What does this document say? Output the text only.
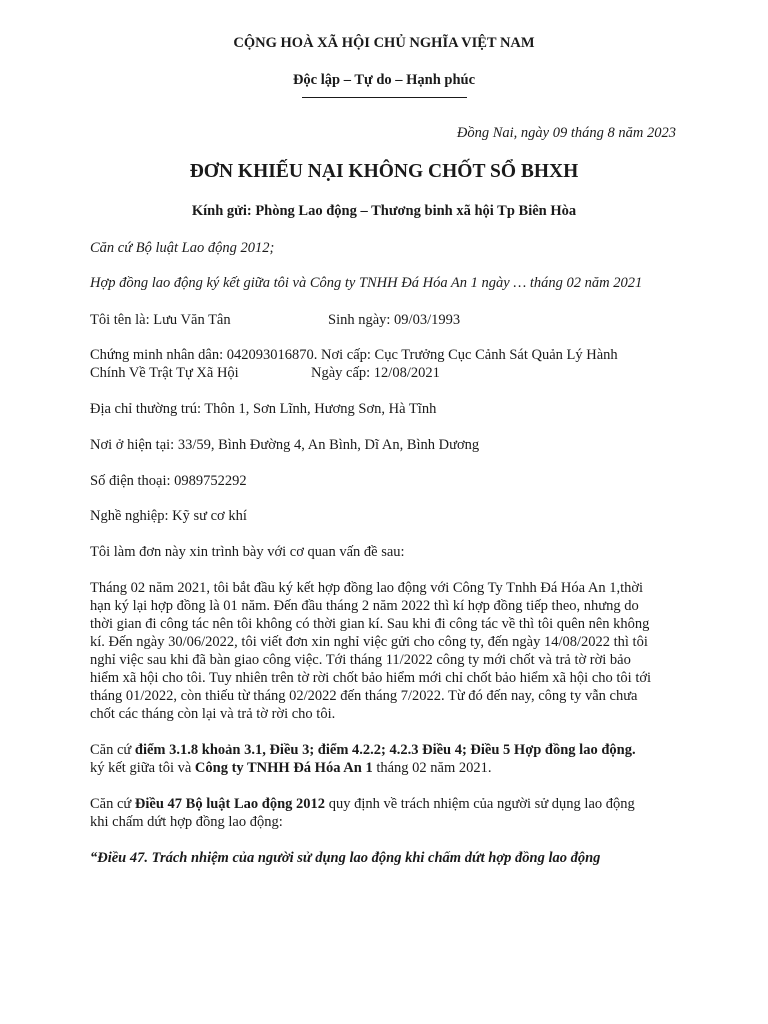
CỘNG HOÀ XÃ HỘI CHỦ NGHĨA VIỆT NAM
Độc lập – Tự do – Hạnh phúc
Đồng Nai, ngày 09 tháng 8 năm 2023
ĐƠN KHIẾU NẠI KHÔNG CHỐT SỔ BHXH
Kính gửi: Phòng Lao động – Thương binh xã hội Tp Biên Hòa
Căn cứ Bộ luật Lao động 2012;
Hợp đồng lao động ký kết giữa tôi và Công ty TNHH Đá Hóa An 1 ngày … tháng 02 năm 2021
Tôi tên là: Lưu Văn Tân	Sinh ngày: 09/03/1993
Chứng minh nhân dân: 042093016870. Nơi cấp: Cục Trưởng Cục Cảnh Sát Quản Lý Hành
Chính Về Trật Tự Xã Hội	Ngày cấp: 12/08/2021
Địa chỉ thường trú: Thôn 1, Sơn Lĩnh, Hương Sơn, Hà Tĩnh
Nơi ở hiện tại: 33/59, Bình Đường 4, An Bình, Dĩ An, Bình Dương
Số điện thoại: 0989752292
Nghề nghiệp: Kỹ sư cơ khí
Tôi làm đơn này xin trình bày với cơ quan vấn đề sau:
Tháng 02 năm 2021, tôi bắt đầu ký kết hợp đồng lao động với Công Ty Tnhh Đá Hóa An 1,thời
hạn ký lại hợp đồng là 01 năm. Đến đầu tháng 2 năm 2022 thì kí hợp đồng tiếp theo, nhưng do
thời gian đi công tác nên tôi không có thời gian kí. Sau khi đi công tác về thì tôi quên nên không
kí. Đến ngày 30/06/2022, tôi viết đơn xin nghỉ việc gửi cho công ty, đến ngày 14/08/2022 thì tôi
nghỉ việc sau khi đã bàn giao công việc. Tới tháng 11/2022 công ty mới chốt và trả tờ rời bảo
hiểm xã hội cho tôi. Tuy nhiên trên tờ rời chốt bảo hiểm mới chỉ chốt bảo hiểm xã hội cho tôi tới
tháng 01/2022, còn thiếu từ tháng 02/2022 đến tháng 7/2022. Từ đó đến nay, công ty vẫn chưa
chốt các tháng còn lại và trả tờ rời cho tôi.
Căn cứ điểm 3.1.8 khoản 3.1, Điều 3; điểm 4.2.2; 4.2.3 Điều 4; Điều 5 Hợp đồng lao động.
ký kết giữa tôi và Công ty TNHH Đá Hóa An 1 tháng 02 năm 2021.
Căn cứ Điều 47 Bộ luật Lao động 2012 quy định về trách nhiệm của người sử dụng lao động
khi chấm dứt hợp đồng lao động:
“Điều 47. Trách nhiệm của người sử dụng lao động khi chấm dứt hợp đồng lao động
